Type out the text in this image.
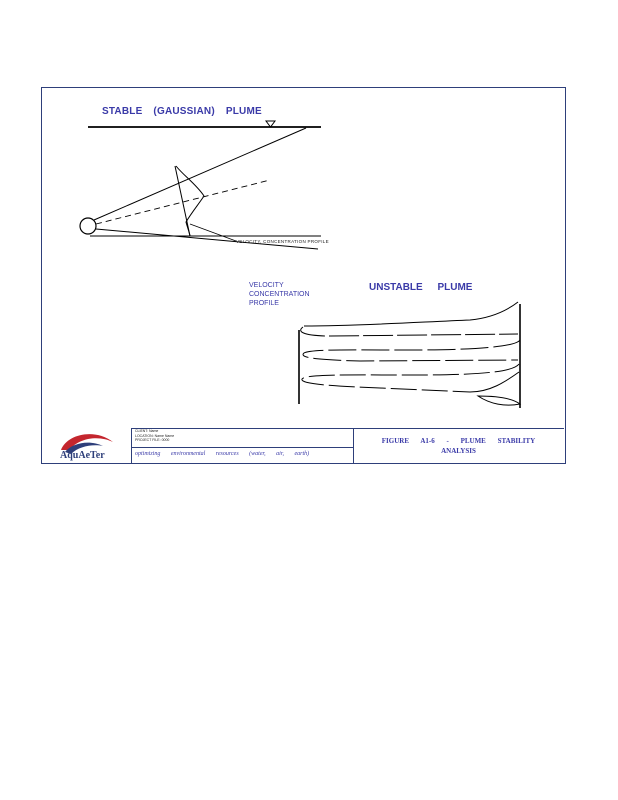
STABLE (GAUSSIAN) PLUME
VELOCITY, CONCENTRATION PROFILE
VELOCITY
CONCENTRATION
PROFILE
UNSTABLE PLUME
AquAeTer
CLIENT: Name
LOCATION: Name Name
PROJECT FILE: 0000
optimizing environmental resources (water, air, earth)
FIGURE A1-6 - PLUME STABILITY
ANALYSIS
